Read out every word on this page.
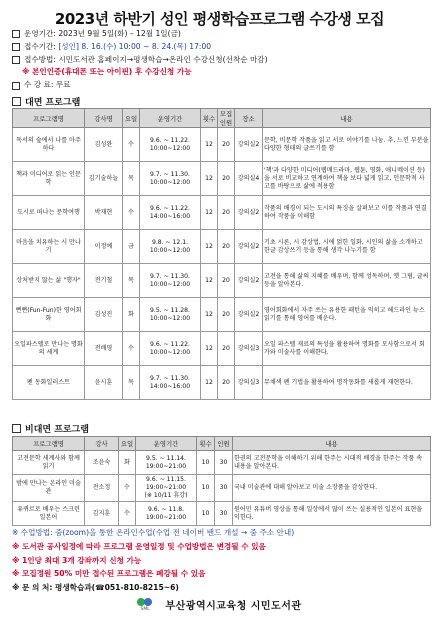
2023년 하반기 성인 평생학습프로그램 수강생 모집
운영기간:
2023년 9월 5일(화) – 12월 1일(금)
접수기간:
[성인] 8. 16.(수) 10:00 ~ 8. 24.(목) 17:00
접수방법:
시민도서관 홈페이지→평생학습→온라인 수강신청(선착순 마감)
※ 본인인증(휴대폰 또는 아이핀) 후 수강신청 가능
수 강 료:
무료
대면 프로그램
프로그램명	강사명	요일	운영기간	횟수	모집인원	장소	내용
독서의 숲에서 나를 마주하다	김성완	수	9.6. ~ 11.22.
10:00~12:00	12	20	강의실2	문학, 비문학 작품을 읽고 서로 이야기를 나눔. 추, 느낀 부분을 다양한 형태의 글쓰기를 함
책과 미디어로 읽는 인문학	김기술하늘	목	9.7. ~ 11.30.
10:00~12:00	12	20	강의실4	'책'과 다양한 미디어(웹매드라마, 웹툰, 영화, 애니메이션 등)을 서로 비교하고 연계하여 책을 보다 넓게 읽고, 인문학적 사고를 바탕으로 삶에 적용함
도시로 떠나는 문학여행	박재현	수	9.6. ~ 11.22.
14:00~16:00	12	20	강의실2	작품의 배경이 되는 도시의 특징을 살펴보고 이를 작품과 연결하여 작품을 이해함
마음을 치유하는 시 만나기	이정예	금	9.8. ~ 12.1.
10:00~12:00	12	20	강의실2	기초 시론, 시 감상법, 시에 얽힌 일화, 시인의 삶을 소개하고 한글 감상쓰기 등을 통해 생각 나누기를 함
상처받지 않는 삶 "행자"	전기철	목	9.7. ~ 11.30.
10:00~12:00	12	20	강의실2	고전을 통해 삶의 지혜를 배우며, 함께 성독하며, 옛 그림, 글씨 등을 알아본다.
뻔뻔(Fun-Fun)한 영어회화	김성진	화	9.5. ~ 11.28.
10:00~12:00	12	20	강의실2	영어회화에서 자주 쓰는 유용한 패턴을 익히고 헤드라인 뉴스읽기를 통해 영어를 배운다.
오일파스텔로 만나는 명화의 세계	전배영	수	9.6. ~ 11.22.
10:00~12:00	12	20	강의실3	오일 파스텔 재료의 특성을 활용하여 명화를 모사함으로서 회가와 미술사를 이해한다.
펜 동화일러스트	윤시훈	목	9.7. ~ 11.30.
14:00~16:00	12	20	강의실3	무채색 펜 기법을 활용하여 명작동화를 새롭게 재현한다.
비대면 프로그램
프로그램명	강사	요일	운영기간	횟수	인원	내용
고전문학 세계사와 함께 읽기	조윤숙	화	9.5. ~ 11.14.
19:00~21:00	10	30	한권의 고전문학을 이해하기 위해 한주는 시대적 배경을 한주는 작품 속 내용을 알아본다.
밤에 만나는 온라인 미술관	전소정	수	9.6. ~ 11.15.
19:00~21:00
(※ 10/11 휴강)	10	30	국내 미술관에 대해 알아보고 미술 소장품을 감상한다.
유퀴르로 배우는 스크린 일본어	김지훈	수	9.6. ~ 11.8.
19:00~21:00	10	30	원어민 유튜버 영상을 통해 일상에서 많이 쓰는 실용적인 일본어 표현을 익힌다.
※ 수업방법: 줌(zoom)을 통한 온라인수업(수업 전 네이버 밴드 개설 → 줌 주소 안내)
※ 도서관 공사일정에 따라 프로그램 운영일정 및 수업방법은 변경될 수 있음
※ 1인당 최대 3개 강좌까지 신청 가능
※ 모집정원 50% 미만 접수된 프로그램은 폐강될 수 있음
※ 문 의 처: 평생학습과(☎051-810-8215~6)
SML 부산광역시교육청 시민도서관
